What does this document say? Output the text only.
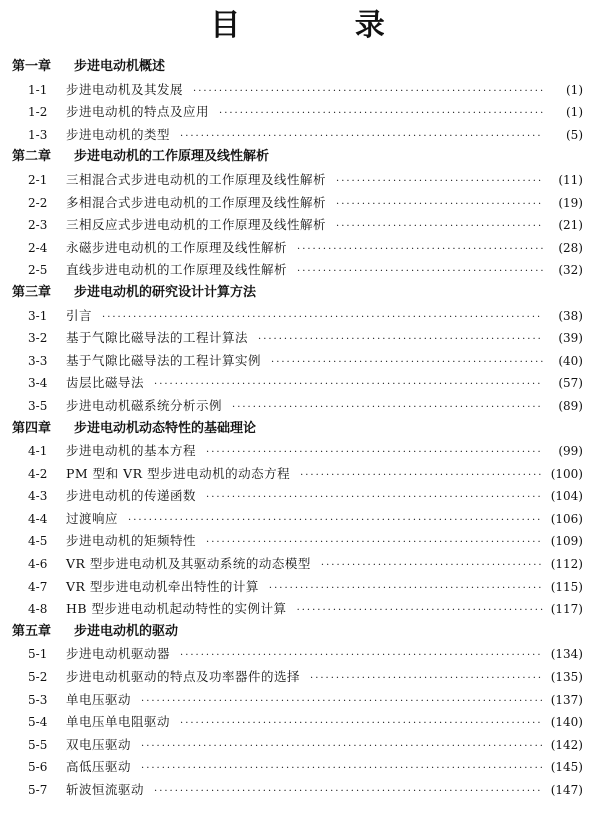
目 录
第一章	步进电动机概述
1-1	步进电动机及其发展 ·····	(1)
1-2	步进电动机的特点及应用 ·····	(1)
1-3	步进电动机的类型 ·····	(5)
第二章	步进电动机的工作原理及线性解析
2-1	三相混合式步进电动机的工作原理及线性解析 ·····	(11)
2-2	多相混合式步进电动机的工作原理及线性解析 ·····	(19)
2-3	三相反应式步进电动机的工作原理及线性解析 ·····	(21)
2-4	永磁步进电动机的工作原理及线性解析 ·····	(28)
2-5	直线步进电动机的工作原理及线性解析 ·····	(32)
第三章	步进电动机的研究设计计算方法
3-1	引言 ·····	(38)
3-2	基于气隙比磁导法的工程计算法 ·····	(39)
3-3	基于气隙比磁导法的工程计算实例 ·····	(40)
3-4	齿层比磁导法 ·····	(57)
3-5	步进电动机磁系统分析示例 ·····	(89)
第四章	步进电动机动态特性的基础理论
4-1	步进电动机的基本方程 ·····	(99)
4-2	PM 型和 VR 型步进电动机的动态方程 ·····	(100)
4-3	步进电动机的传递函数 ·····	(104)
4-4	过渡响应 ·····	(106)
4-5	步进电动机的矩频特性 ·····	(109)
4-6	VR 型步进电动机及其驱动系统的动态模型 ·····	(112)
4-7	VR 型步进电动机牵出特性的计算 ·····	(115)
4-8	HB 型步进电动机起动特性的实例计算 ·····	(117)
第五章	步进电动机的驱动
5-1	步进电动机驱动器 ·····	(134)
5-2	步进电动机驱动的特点及功率器件的选择 ·····	(135)
5-3	单电压驱动 ·····	(137)
5-4	单电压单电阻驱动 ·····	(140)
5-5	双电压驱动 ·····	(142)
5-6	高低压驱动 ·····	(145)
5-7	斩波恒流驱动 ·····	(147)
